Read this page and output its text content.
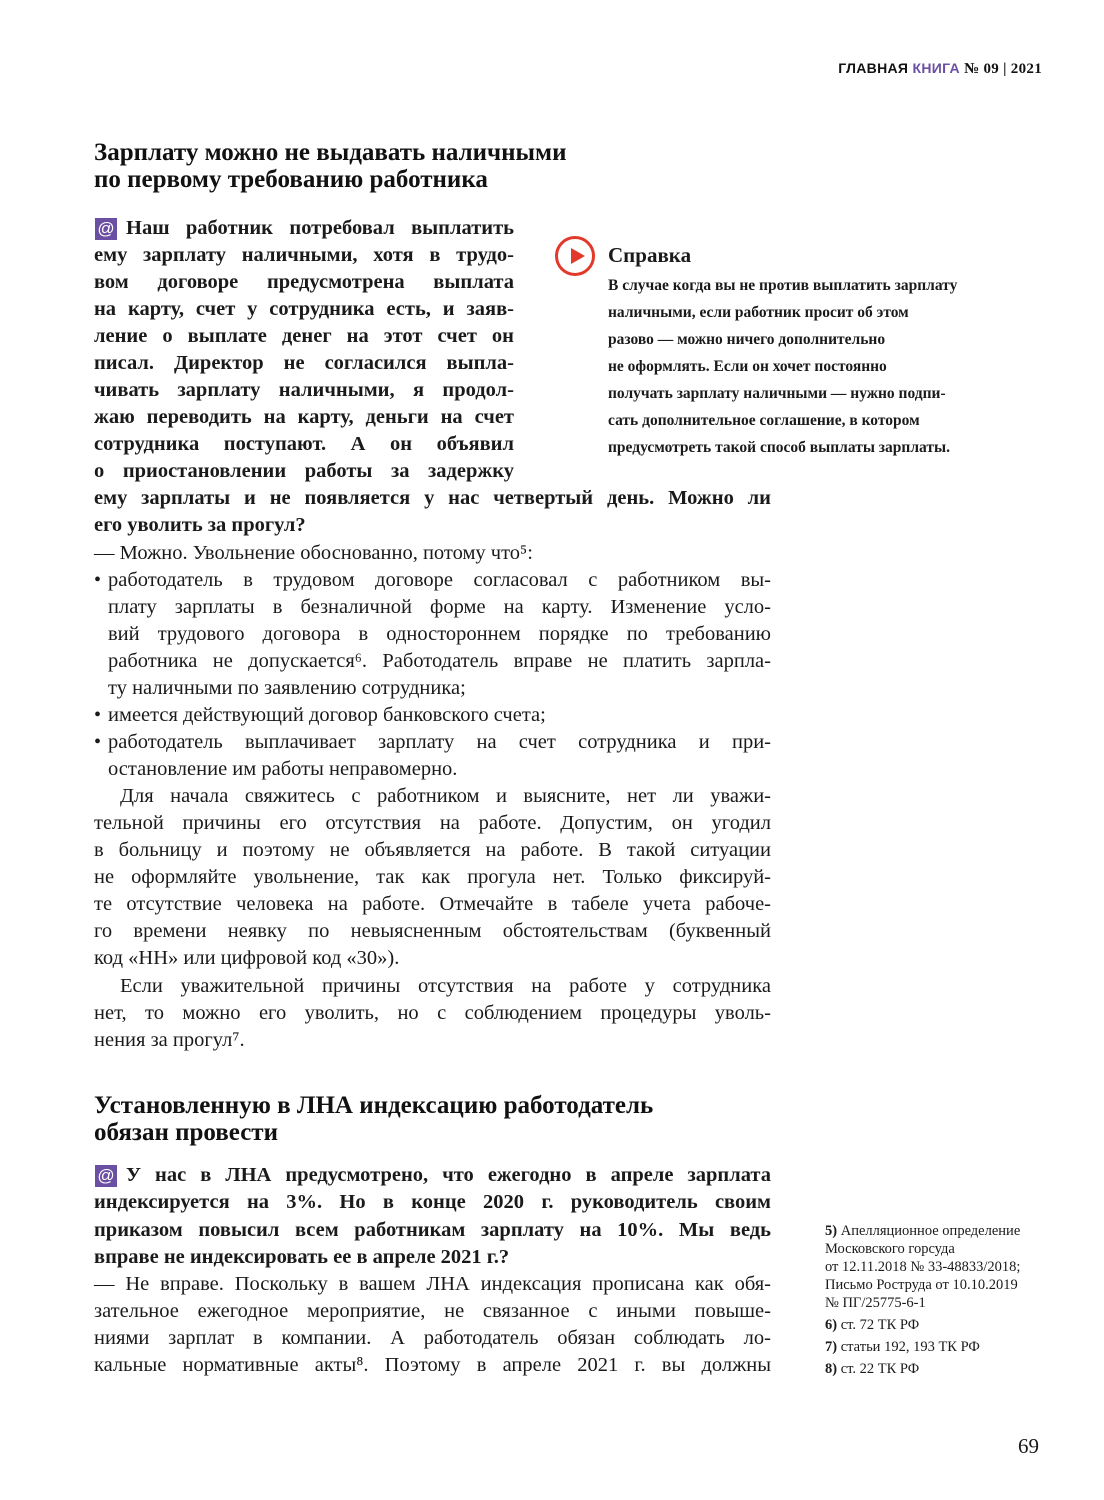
ГЛАВНАЯ КНИГА № 09 | 2021
Зарплату можно не выдавать наличными
по первому требованию работника
Справка
Установленную в ЛНА индексацию работодатель
обязан провести
69
@ Наш работник потребовал выплатить
ему зарплату наличными, хотя в трудо-
вом договоре предусмотрена выплата
на карту, счет у сотрудника есть, и заяв-
ление о выплате денег на этот счет он
писал. Директор не согласился выпла-
чивать зарплату наличными, я продол-
жаю переводить на карту, деньги на счет
сотрудника поступают. А он объявил
о приостановлении работы за задержку
ему зарплаты и не появляется у нас четвертый день. Можно ли
его уволить за прогул?
— Можно. Увольнение обоснованно, потому что⁵:
• работодатель в трудовом договоре согласовал с работником вы-
плату зарплаты в безналичной форме на карту. Изменение усло-
вий трудового договора в одностороннем порядке по требованию
работника не допускается⁶. Работодатель вправе не платить зарпла-
ту наличными по заявлению сотрудника;
• имеется действующий договор банковского счета;
• работодатель выплачивает зарплату на счет сотрудника и при-
остановление им работы неправомерно.
Для начала свяжитесь с работником и выясните, нет ли уважи-
тельной причины его отсутствия на работе. Допустим, он угодил
в больницу и поэтому не объявляется на работе. В такой ситуации
не оформляйте увольнение, так как прогула нет. Только фиксируй-
те отсутствие человека на работе. Отмечайте в табеле учета рабоче-
го времени неявку по невыясненным обстоятельствам (буквенный
код «НН» или цифровой код «30»).
Если уважительной причины отсутствия на работе у сотрудника
нет, то можно его уволить, но с соблюдением процедуры уволь-
нения за прогул⁷.
В случае когда вы не против выплатить зарплату
наличными, если работник просит об этом
разово — можно ничего дополнительно
не оформлять. Если он хочет постоянно
получать зарплату наличными — нужно подпи-
сать дополнительное соглашение, в котором
предусмотреть такой способ выплаты зарплаты.
@ У нас в ЛНА предусмотрено, что ежегодно в апреле зарплата
индексируется на 3%. Но в конце 2020 г. руководитель своим
приказом повысил всем работникам зарплату на 10%. Мы ведь
вправе не индексировать ее в апреле 2021 г.?
— Не вправе. Поскольку в вашем ЛНА индексация прописана как обя-
зательное ежегодное мероприятие, не связанное с иными повыше-
ниями зарплат в компании. А работодатель обязан соблюдать ло-
кальные нормативные акты⁸. Поэтому в апреле 2021 г. вы должны
5) Апелляционное определение
Московского горсуда
от 12.11.2018 № 33-48833/2018;
Письмо Роструда от 10.10.2019
№ ПГ/25775-6-1
6) ст. 72 ТК РФ
7) статьи 192, 193 ТК РФ
8) ст. 22 ТК РФ
